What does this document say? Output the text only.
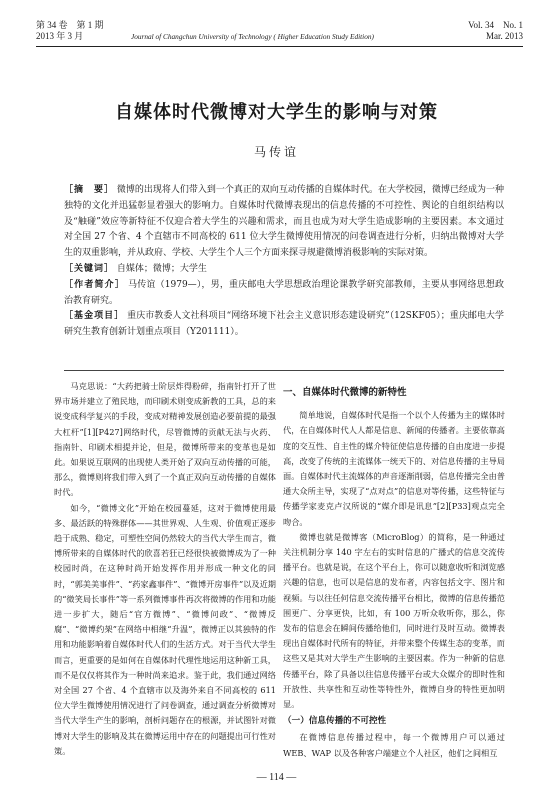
第 34 卷　第 1 期
2013 年 3 月	Journal of Changchun University of Technology ( Higher Education Study Edition)
Vol. 34　No. 1
Mar. 2013
自媒体时代微博对大学生的影响与对策
马传谊

［摘　要］ 微博的出现将人们带入到一个真正的双向互动传播的自媒体时代。在大学校园，微博已经成为一种独特的文化并迅猛彰显着强大的影响力。自媒体时代微博表现出的信息传播的不可控性、舆论的自组织结构以及“触碰”效应等新特征不仅迎合着大学生的兴趣和需求，而且也成为对大学生造成影响的主要因素。本文通过对全国 27 个省、4 个直辖市不同高校的 611 位大学生微博使用情况的问卷调查进行分析，归纳出微博对大学生的双重影响，并从政府、学校、大学生个人三个方面来探寻规避微博消极影响的实际对策。

［关键词］ 自媒体；微博；大学生

［作者简介］ 马传谊（1979—），男，重庆邮电大学思想政治理论课教学研究部教师，主要从事网络思想政治教育研究。

［基金项目］ 重庆市教委人文社科项目“网络环境下社会主义意识形态建设研究”（12SKF05）；重庆邮电大学研究生教育创新计划重点项目（Y201111）。

马克思说：“大药把骑士阶层炸得粉碎，指南针打开了世界市场并建立了殖民地，而印刷术则变成新教的工具，总的来说变成科学复兴的手段，变成对精神发展创造必要前提的最强大杠杆”[1][P427]网络时代，尽管微博的贡献无法与火药、指南针、印刷术相提并论，但是，微博所带来的变革也是如此。如果说互联网的出现使人类开始了双向互动传播的可能，那么，微博则将我们带入到了一个真正双向互动传播的自媒体时代。

如今，“微博文化”开始在校园蔓延，这对于微博使用最多、最活跃的特殊群体——其世界观、人生观、价值观正逐步趋于成熟、稳定，可塑性空间仍然较大的当代大学生而言，微博所带来的自媒体时代的欣喜若狂已经很快被微博成为了一种校园时尚，在这种时尚开始发挥作用并形成一种文化的同时，“郭美美事件”、“药家鑫事件”、“微博开房事件”以及近期的“微笑局长事件”等一系列微博事件再次将微博的作用和功能进一步扩大，随后“官方微博”、“微博问政”、“微博反腐”、“微博约架”在网络中相继“升温”，微博正以其独特的作用和功能影响着自媒体时代人们的生活方式。对于当代大学生而言，更重要的是如何在自媒体时代理性地运用这种新工具，而不是仅仅将其作为一种时尚来追求。鉴于此，我们通过网络对全国 27 个省、4 个直辖市以及海外来自不同高校的 611 位大学生微博使用情况进行了问卷调查，通过调查分析微博对当代大学生产生的影响，剖析问题存在的根源，并试图针对微博对大学生的影响及其在微博运用中存在的问题提出可行性对策。

一、自媒体时代微博的新特性

简单地说，自媒体时代是指一个以个人传播为主的媒体时代，在自媒体时代人人都是信息、新闻的传播者。主要依靠高度的交互性、自主性的媒介特征使信息传播的自由度进一步提高，改变了传统的主流媒体一统天下的、对信息传播的主导局面。自媒体时代主流媒体的声音逐渐削弱，信息传播完全由普通大众所主导，实现了“点对点”的信息对等传播，这些特征与传播学家麦克卢汉所说的“媒介即是讯息”[2][P33]观点完全吻合。

微博也就是微博客（MicroBlog）的简称，是一种通过关注机制分享 140 字左右的实时信息的广播式的信息交流传播平台。也就是说，在这个平台上，你可以随意收听和浏览感兴趣的信息，也可以是信息的发布者，内容包括文字、图片和视频。与以往任何信息交流传播平台相比，微博的信息传播范围更广、分享更快，比如，有 100 万听众收听你，那么，你发布的信息会在瞬间传播给他们，同时进行及时互动。微博表现出自媒体时代所有的特征，并带来整个传媒生态的变革，而这些又是其对大学生产生影响的主要因素。作为一种新的信息传播平台，除了具备以往信息传播平台或大众媒介的即时性和开放性、共享性和互动性等特性外，微博自身的特性更加明显。

（一）信息传播的不可控性

在微博信息传播过程中，每一个微博用户可以通过 WEB、WAP 以及各种客户端建立个人社区，他们之间相互

— 114 —
